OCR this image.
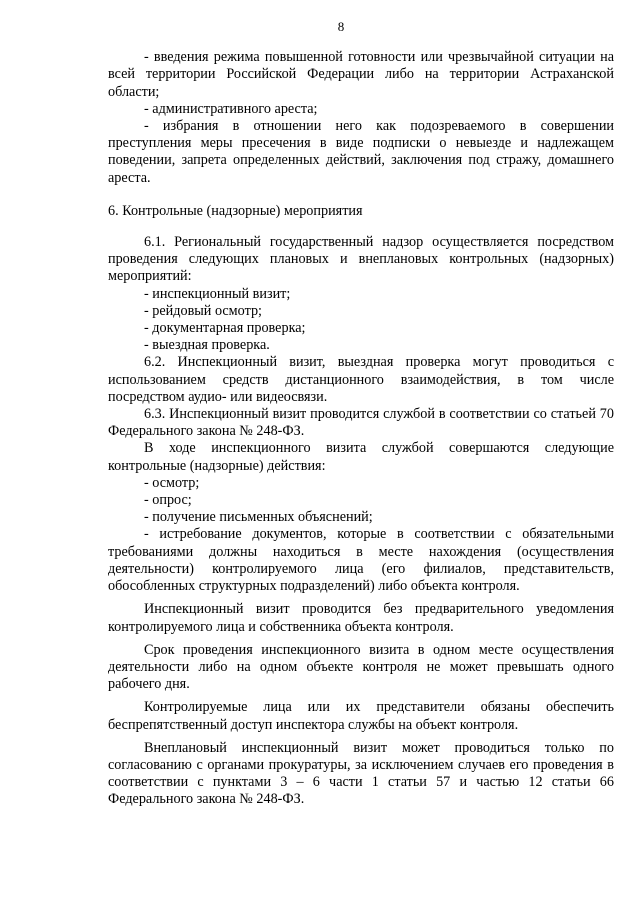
8

- введения режима повышенной готовности или чрезвычайной ситуации на всей территории Российской Федерации либо на территории Астраханской области;

- административного ареста;

- избрания в отношении него как подозреваемого в совершении преступления меры пресечения в виде подписки о невыезде и надлежащем поведении, запрета определенных действий, заключения под стражу, домашнего ареста.

6. Контрольные (надзорные) мероприятия

6.1. Региональный государственный надзор осуществляется посредством проведения следующих плановых и внеплановых контрольных (надзорных) мероприятий:

- инспекционный визит;

- рейдовый осмотр;

- документарная проверка;

- выездная проверка.

6.2. Инспекционный визит, выездная проверка могут проводиться с использованием средств дистанционного взаимодействия, в том числе посредством аудио- или видеосвязи.

6.3. Инспекционный визит проводится службой в соответствии со статьей 70 Федерального закона № 248-ФЗ.

В ходе инспекционного визита службой совершаются следующие контрольные (надзорные) действия:

- осмотр;

- опрос;

- получение письменных объяснений;

- истребование документов, которые в соответствии с обязательными требованиями должны находиться в месте нахождения (осуществления деятельности) контролируемого лица (его филиалов, представительств, обособленных структурных подразделений) либо объекта контроля.

Инспекционный визит проводится без предварительного уведомления контролируемого лица и собственника объекта контроля.

Срок проведения инспекционного визита в одном месте осуществления деятельности либо на одном объекте контроля не может превышать одного рабочего дня.

Контролируемые лица или их представители обязаны обеспечить беспрепятственный доступ инспектора службы на объект контроля.

Внеплановый инспекционный визит может проводиться только по согласованию с органами прокуратуры, за исключением случаев его проведения в соответствии с пунктами 3 – 6 части 1 статьи 57 и частью 12 статьи 66 Федерального закона № 248-ФЗ.
